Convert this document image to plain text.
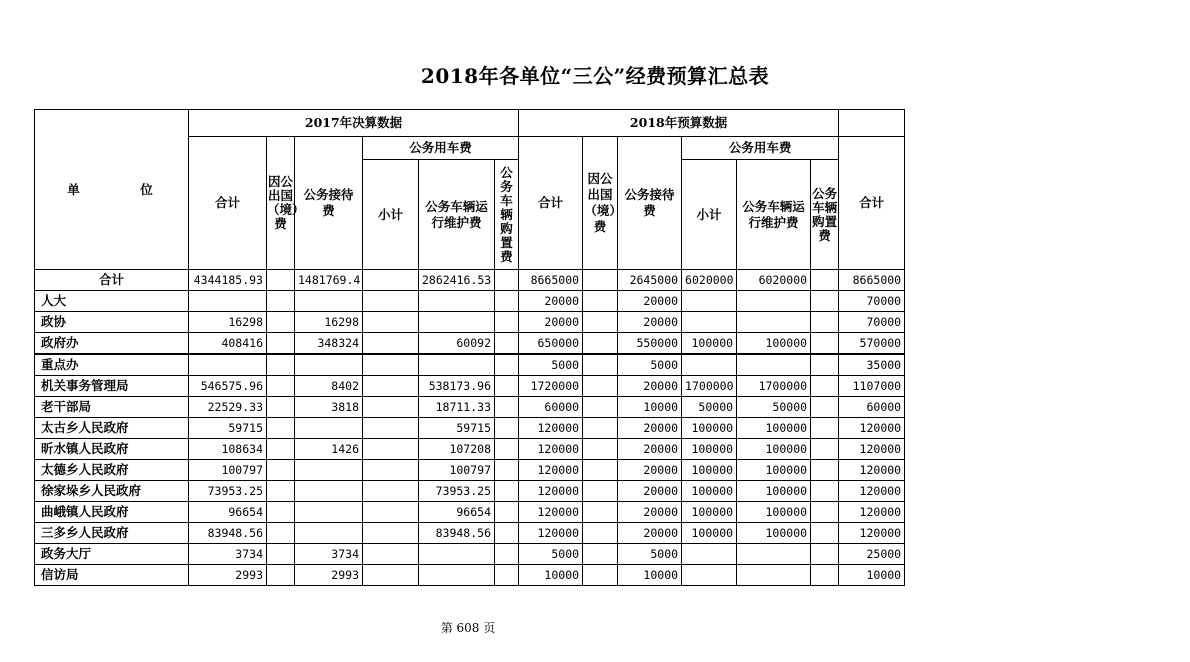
2018年各单位“三公”经费预算汇总表
单　位	2017年决算数据						2018年预算数据						
	合计	因公出国（境）费	公务接待费	公务用车费			合计	因公出国（境）费	公务接待费	公务用车费			合计
				小计	公务车辆运行维护费	公务车辆购置费				小计	公务车辆运行维护费	公务车辆购置费	
合计	4344185.93		1481769.4		2862416.53		8665000		2645000	6020000	6020000		8665000
人大							20000		20000				70000
政协	16298		16298				20000		20000				70000
政府办	408416		348324		60092		650000		550000	100000	100000		570000
重点办							5000		5000				35000
机关事务管理局	546575.96		8402		538173.96		1720000		20000	1700000	1700000		1107000
老干部局	22529.33		3818		18711.33		60000		10000	50000	50000		60000
太古乡人民政府	59715				59715		120000		20000	100000	100000		120000
昕水镇人民政府	108634		1426		107208		120000		20000	100000	100000		120000
太德乡人民政府	100797				100797		120000		20000	100000	100000		120000
徐家垛乡人民政府	73953.25				73953.25		120000		20000	100000	100000		120000
曲峨镇人民政府	96654				96654		120000		20000	100000	100000		120000
三多乡人民政府	83948.56				83948.56		120000		20000	100000	100000		120000
政务大厅	3734		3734				5000		5000				25000
信访局	2993		2993				10000		10000				10000
第 608 页
